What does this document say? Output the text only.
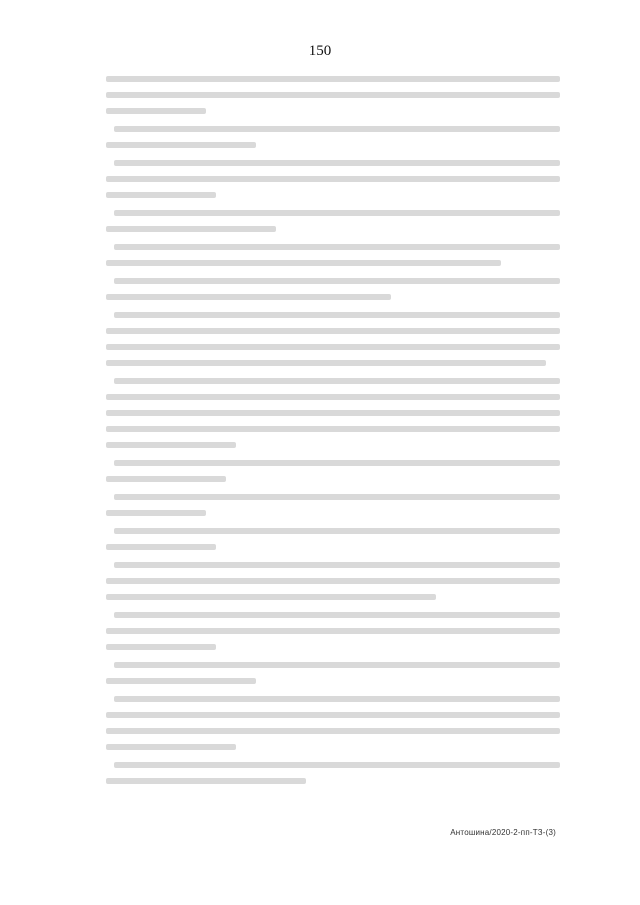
150
Антошина/2020-2-пп-ТЗ-(3)
